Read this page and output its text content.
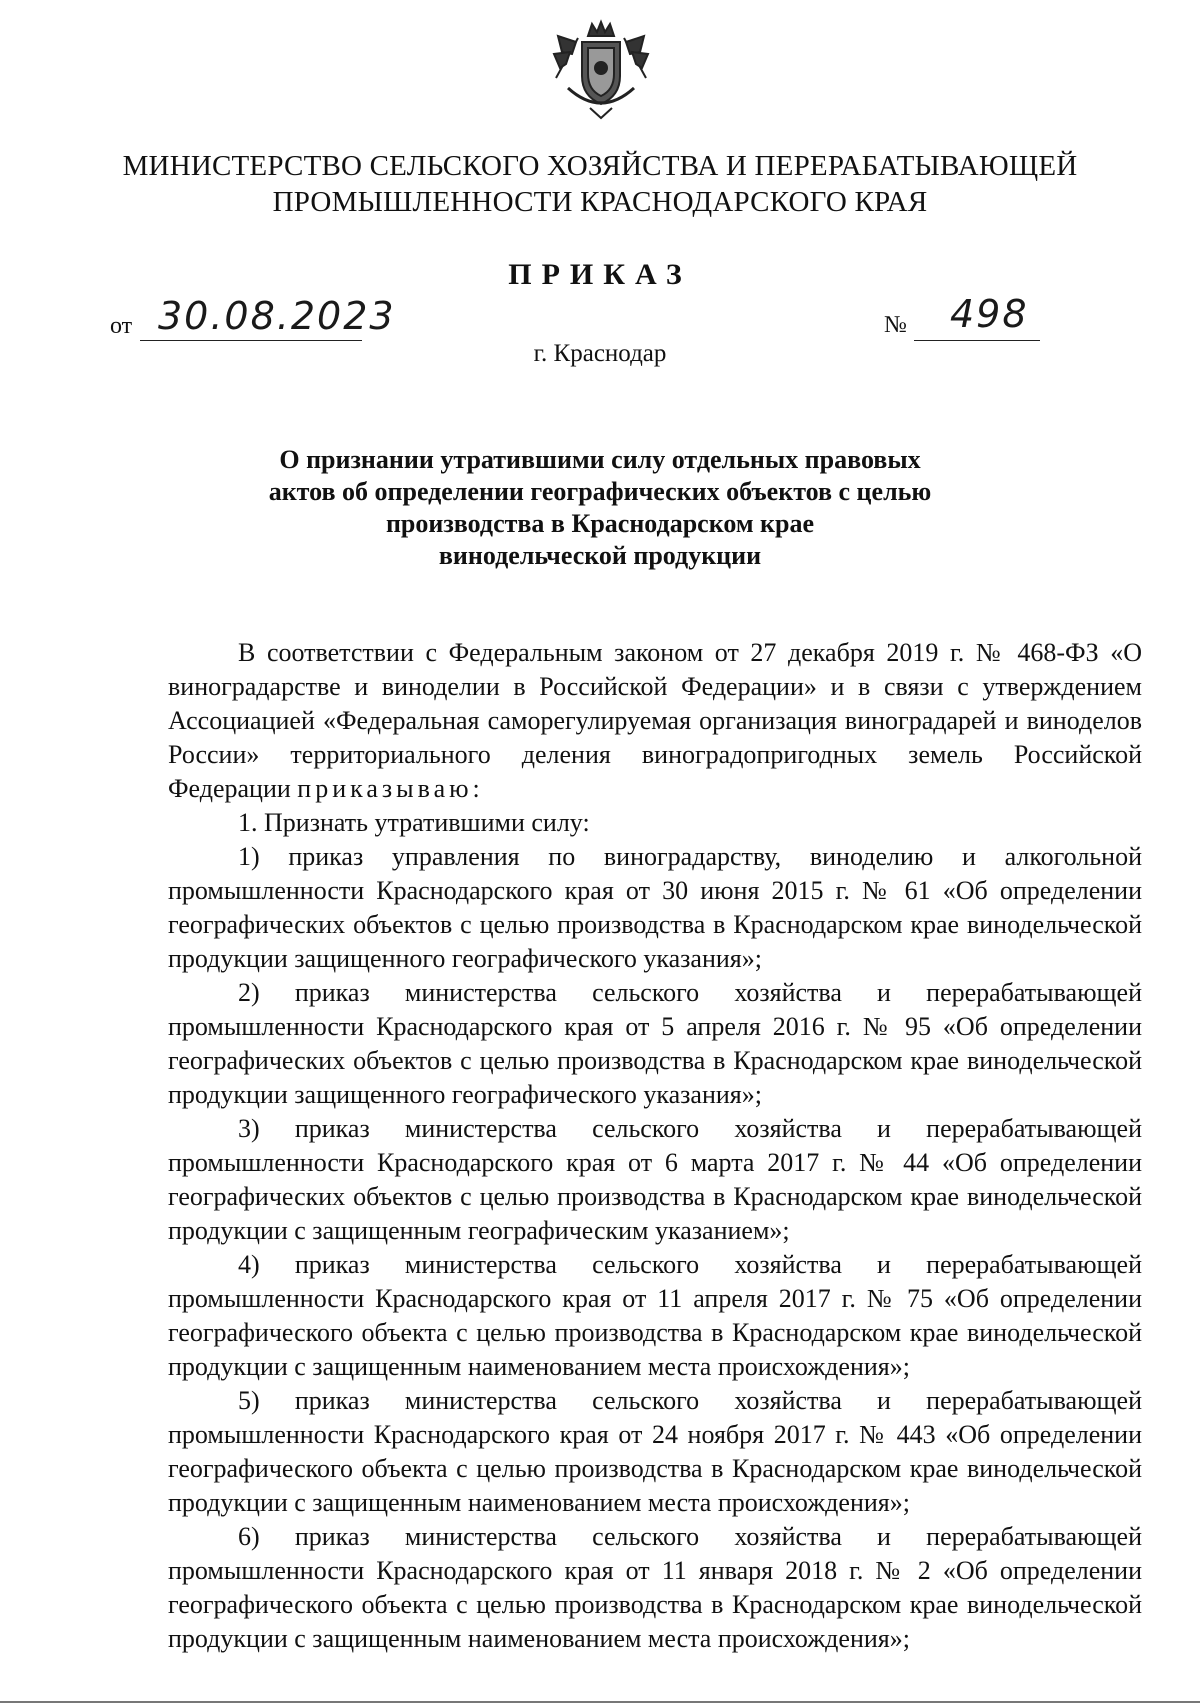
МИНИСТЕРСТВО СЕЛЬСКОГО ХОЗЯЙСТВА И ПЕРЕРАБАТЫВАЮЩЕЙ
ПРОМЫШЛЕННОСТИ КРАСНОДАРСКОГО КРАЯ
ПРИКАЗ
от 30.08.2023	№ 498
г. Краснодар
О признании утратившими силу отдельных правовых
актов об определении географических объектов с целью
производства в Краснодарском крае
винодельческой продукции

В соответствии с Федеральным законом от 27 декабря 2019 г. № 468-ФЗ «О виноградарстве и виноделии в Российской Федерации» и в связи с утверждением Ассоциацией «Федеральная саморегулируемая организация виноградарей и виноделов России» территориального деления виноградопригодных земель Российской Федерации приказываю:

1. Признать утратившими силу:

1) приказ управления по виноградарству, виноделию и алкогольной промышленности Краснодарского края от 30 июня 2015 г. № 61 «Об определении географических объектов с целью производства в Краснодарском крае винодельческой продукции защищенного географического указания»;

2) приказ министерства сельского хозяйства и перерабатывающей промышленности Краснодарского края от 5 апреля 2016 г. № 95 «Об определении географических объектов с целью производства в Краснодарском крае винодельческой продукции защищенного географического указания»;

3) приказ министерства сельского хозяйства и перерабатывающей промышленности Краснодарского края от 6 марта 2017 г. № 44 «Об определении географических объектов с целью производства в Краснодарском крае винодельческой продукции с защищенным географическим указанием»;

4) приказ министерства сельского хозяйства и перерабатывающей промышленности Краснодарского края от 11 апреля 2017 г. № 75 «Об определении географического объекта с целью производства в Краснодарском крае винодельческой продукции с защищенным наименованием места происхождения»;

5) приказ министерства сельского хозяйства и перерабатывающей промышленности Краснодарского края от 24 ноября 2017 г. № 443 «Об определении географического объекта с целью производства в Краснодарском крае винодельческой продукции с защищенным наименованием места происхождения»;

6) приказ министерства сельского хозяйства и перерабатывающей промышленности Краснодарского края от 11 января 2018 г. № 2 «Об определении географического объекта с целью производства в Краснодарском крае винодельческой продукции с защищенным наименованием места происхождения»;
